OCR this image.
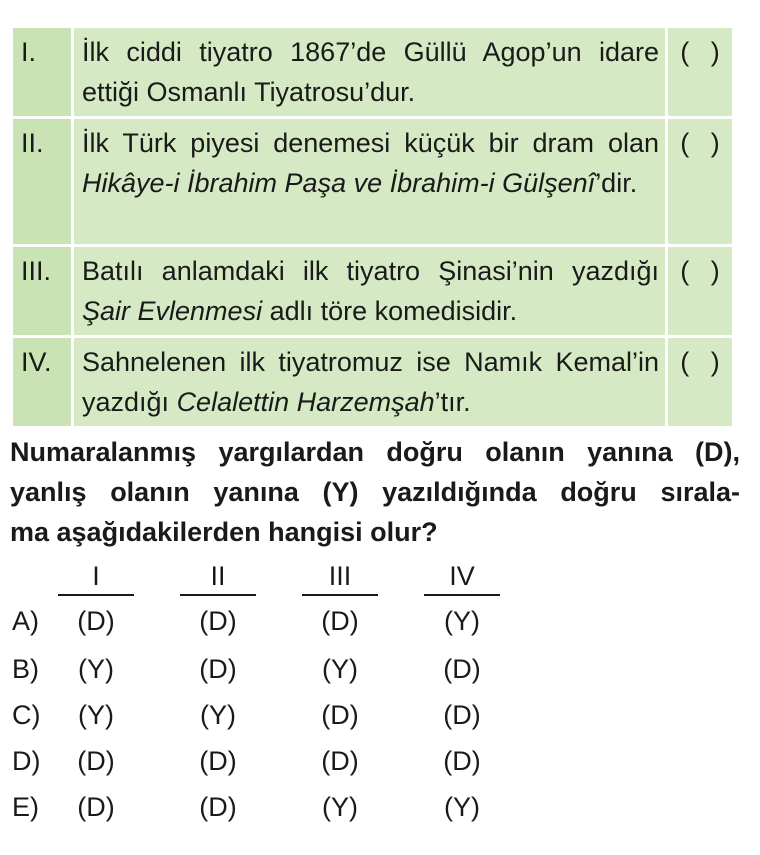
I.	İlk ciddi tiyatro 1867’de Güllü Agop’un idare ettiği Osmanlı Tiyatrosu’dur.	( )
II.	İlk Türk piyesi denemesi küçük bir dram olan Hikâye-i İbrahim Paşa ve İbrahim-i Gülşenî’dir.	( )
III.	Batılı anlamdaki ilk tiyatro Şinasi’nin yazdığı Şair Evlenmesi adlı töre komedisidir.	( )
IV.	Sahnelenen ilk tiyatromuz ise Namık Kemal’in yazdığı Celalettin Harzemşah’tır.	( )
Numaralanmış yargılardan doğru olanın yanına (D),
yanlış olanın yanına (Y) yazıldığında doğru sırala-
ma aşağıdakilerden hangisi olur?
I	II	III	IV
A)	(D)	(D)	(D)	(Y)
B)	(Y)	(D)	(Y)	(D)
C)	(Y)	(Y)	(D)	(D)
D)	(D)	(D)	(D)	(D)
E)	(D)	(D)	(Y)	(Y)
